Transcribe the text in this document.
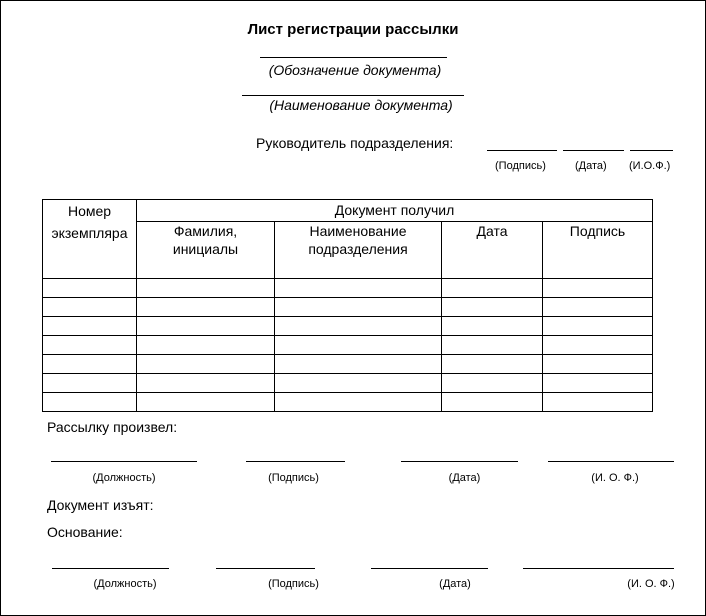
Лист регистрации рассылки
(Обозначение документа)
(Наименование документа)
Руководитель подразделения:
(Подпись)	(Дата) (И.О.Ф.)
Номер
экземпляра	Документ получил			
	Фамилия, инициалы	Наименование подразделения	Дата	Подпись

Рассылку произвел:
(Должность)	(Подпись)	(Дата)	(И. О. Ф.)
Документ изъят:
Основание:
(Должность)	(Подпись)	(Дата)	(И. О. Ф.)
